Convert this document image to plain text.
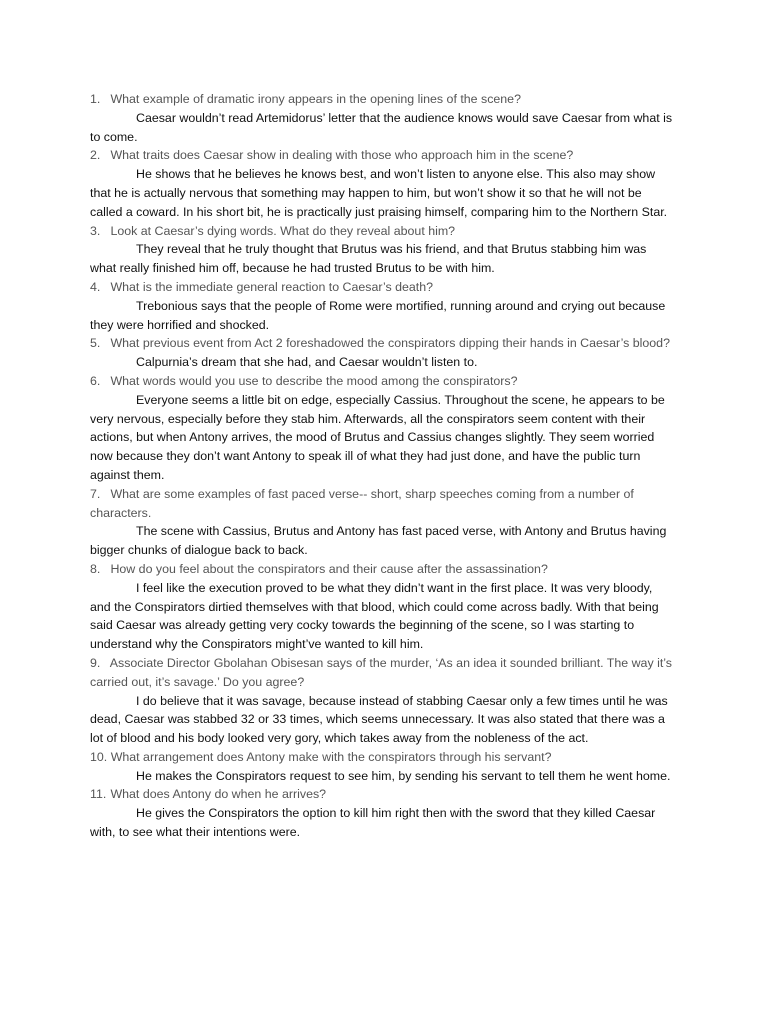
1. What example of dramatic irony appears in the opening lines of the scene?

Caesar wouldn’t read Artemidorus’ letter that the audience knows would save Caesar from what is to come.

2. What traits does Caesar show in dealing with those who approach him in the scene?

He shows that he believes he knows best, and won’t listen to anyone else. This also may show that he is actually nervous that something may happen to him, but won’t show it so that he will not be called a coward. In his short bit, he is practically just praising himself, comparing him to the Northern Star.

3. Look at Caesar’s dying words. What do they reveal about him?

They reveal that he truly thought that Brutus was his friend, and that Brutus stabbing him was what really finished him off, because he had trusted Brutus to be with him.

4. What is the immediate general reaction to Caesar’s death?

Trebonious says that the people of Rome were mortified, running around and crying out because they were horrified and shocked.

5. What previous event from Act 2 foreshadowed the conspirators dipping their hands in Caesar’s blood?

Calpurnia’s dream that she had, and Caesar wouldn’t listen to.

6. What words would you use to describe the mood among the conspirators?

Everyone seems a little bit on edge, especially Cassius. Throughout the scene, he appears to be very nervous, especially before they stab him. Afterwards, all the conspirators seem content with their actions, but when Antony arrives, the mood of Brutus and Cassius changes slightly. They seem worried now because they don’t want Antony to speak ill of what they had just done, and have the public turn against them.

7. What are some examples of fast paced verse-- short, sharp speeches coming from a number of characters.

The scene with Cassius, Brutus and Antony has fast paced verse, with Antony and Brutus having bigger chunks of dialogue back to back.

8. How do you feel about the conspirators and their cause after the assassination?

I feel like the execution proved to be what they didn’t want in the first place. It was very bloody, and the Conspirators dirtied themselves with that blood, which could come across badly. With that being said Caesar was already getting very cocky towards the beginning of the scene, so I was starting to understand why the Conspirators might’ve wanted to kill him.

9. Associate Director Gbolahan Obisesan says of the murder, ‘As an idea it sounded brilliant. The way it’s carried out, it’s savage.’ Do you agree?

I do believe that it was savage, because instead of stabbing Caesar only a few times until he was dead, Caesar was stabbed 32 or 33 times, which seems unnecessary. It was also stated that there was a lot of blood and his body looked very gory, which takes away from the nobleness of the act.

10. What arrangement does Antony make with the conspirators through his servant?

He makes the Conspirators request to see him, by sending his servant to tell them he went home.

11. What does Antony do when he arrives?

He gives the Conspirators the option to kill him right then with the sword that they killed Caesar with, to see what their intentions were.
